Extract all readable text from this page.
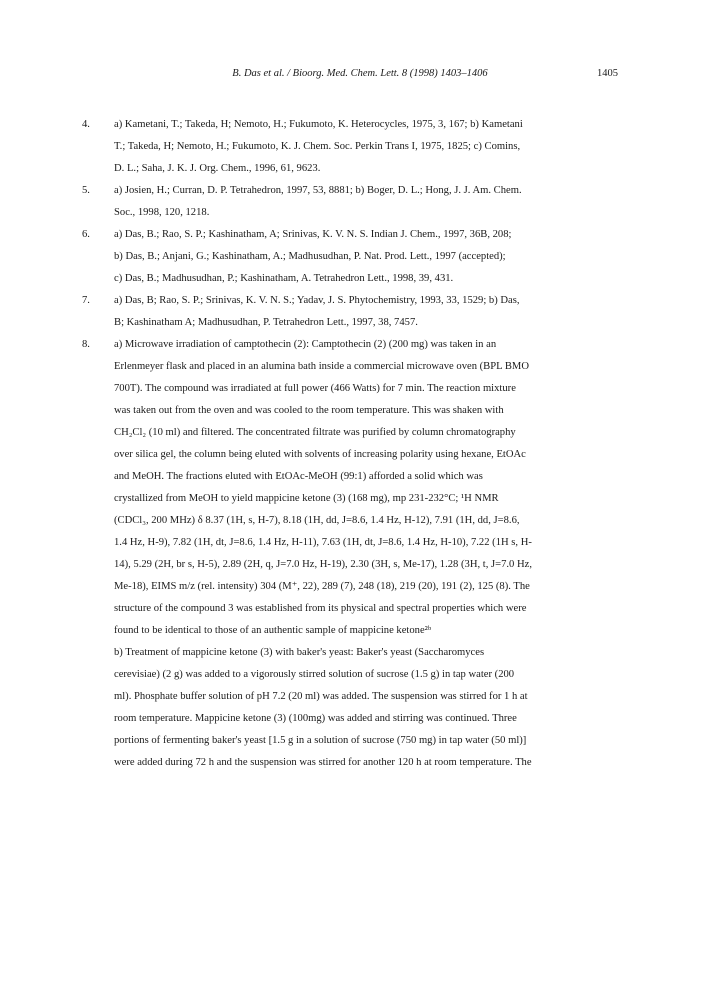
B. Das et al. / Bioorg. Med. Chem. Lett. 8 (1998) 1403–1406	1405
4. a) Kametani, T.; Takeda, H; Nemoto, H.; Fukumoto, K. Heterocycles, 1975, 3, 167; b) Kametani
T.; Takeda, H; Nemoto, H.; Fukumoto, K. J. Chem. Soc. Perkin Trans I, 1975, 1825; c) Comins,
D. L.; Saha, J. K. J. Org. Chem., 1996, 61, 9623.
5. a) Josien, H.; Curran, D. P. Tetrahedron, 1997, 53, 8881; b) Boger, D. L.; Hong, J. J. Am. Chem.
Soc., 1998, 120, 1218.
6. a) Das, B.; Rao, S. P.; Kashinatham, A; Srinivas, K. V. N. S. Indian J. Chem., 1997, 36B, 208;
b) Das, B.; Anjani, G.; Kashinatham, A.; Madhusudhan, P. Nat. Prod. Lett., 1997 (accepted);
c) Das, B.; Madhusudhan, P.; Kashinatham, A. Tetrahedron Lett., 1998, 39, 431.
7. a) Das, B; Rao, S. P.; Srinivas, K. V. N. S.; Yadav, J. S. Phytochemistry, 1993, 33, 1529; b) Das,
B; Kashinatham A; Madhusudhan, P. Tetrahedron Lett., 1997, 38, 7457.
8. a) Microwave irradiation of camptothecin (2): Camptothecin (2) (200 mg) was taken in an
Erlenmeyer flask and placed in an alumina bath inside a commercial microwave oven (BPL BMO
700T). The compound was irradiated at full power (466 Watts) for 7 min. The reaction mixture
was taken out from the oven and was cooled to the room temperature. This was shaken with
CH₂Cl₂ (10 ml) and filtered. The concentrated filtrate was purified by column chromatography
over silica gel, the column being eluted with solvents of increasing polarity using hexane, EtOAc
and MeOH. The fractions eluted with EtOAc-MeOH (99:1) afforded a solid which was
crystallized from MeOH to yield mappicine ketone (3) (168 mg), mp 231-232°C; ¹H NMR
(CDCl₃, 200 MHz) δ 8.37 (1H, s, H-7), 8.18 (1H, dd, J=8.6, 1.4 Hz, H-12), 7.91 (1H, dd, J=8.6,
1.4 Hz, H-9), 7.82 (1H, dt, J=8.6, 1.4 Hz, H-11), 7.63 (1H, dt, J=8.6, 1.4 Hz, H-10), 7.22 (1H s, H-
14), 5.29 (2H, br s, H-5), 2.89 (2H, q, J=7.0 Hz, H-19), 2.30 (3H, s, Me-17), 1.28 (3H, t, J=7.0 Hz,
Me-18), EIMS m/z (rel. intensity) 304 (M⁺, 22), 289 (7), 248 (18), 219 (20), 191 (2), 125 (8). The
structure of the compound 3 was established from its physical and spectral properties which were
found to be identical to those of an authentic sample of mappicine ketone²ᵇ
b) Treatment of mappicine ketone (3) with baker's yeast: Baker's yeast (Saccharomyces
cerevisiae) (2 g) was added to a vigorously stirred solution of sucrose (1.5 g) in tap water (200
ml). Phosphate buffer solution of pH 7.2 (20 ml) was added. The suspension was stirred for 1 h at
room temperature. Mappicine ketone (3) (100mg) was added and stirring was continued. Three
portions of fermenting baker's yeast [1.5 g in a solution of sucrose (750 mg) in tap water (50 ml)]
were added during 72 h and the suspension was stirred for another 120 h at room temperature. The
